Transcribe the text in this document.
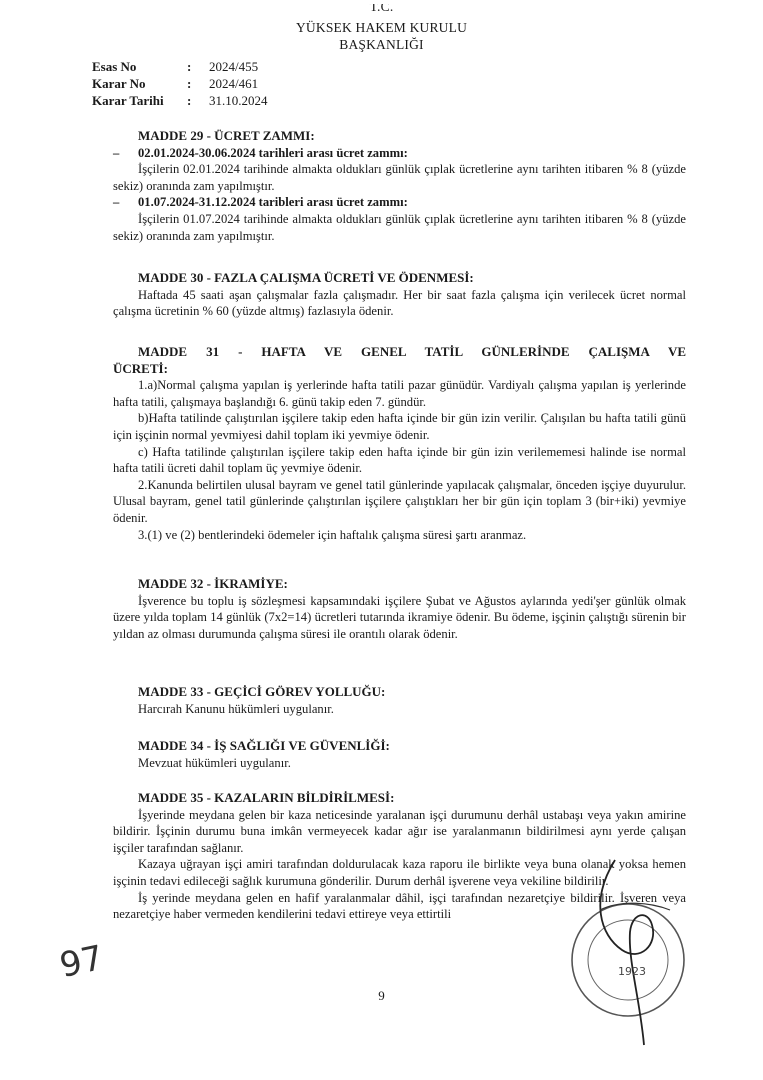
T.C.
YÜKSEK HAKEM KURULU
BAŞKANLIĞI
Esas No	:	2024/455
Karar No	:	2024/461
Karar Tarihi	:	31.10.2024
MADDE 29 - ÜCRET ZAMMI:
– 02.01.2024-30.06.2024 tarihleri arası ücret zammı:
İşçilerin 02.01.2024 tarihinde almakta oldukları günlük çıplak ücretlerine aynı tarihten itibaren % 8 (yüzde sekiz) oranında zam yapılmıştır.
– 01.07.2024-31.12.2024 taribleri arası ücret zammı:
İşçilerin 01.07.2024 tarihinde almakta oldukları günlük çıplak ücretlerine aynı tarihten itibaren % 8 (yüzde sekiz) oranında zam yapılmıştır.
MADDE 30 - FAZLA ÇALIŞMA ÜCRETİ VE ÖDENMESİ:
Haftada 45 saati aşan çalışmalar fazla çalışmadır. Her bir saat fazla çalışma için verilecek ücret normal çalışma ücretinin % 60 (yüzde altmış) fazlasıyla ödenir.
MADDE 31 - HAFTA VE GENEL TATİL GÜNLERİNDE ÇALIŞMA VE
ÜCRETİ:
1.a)Normal çalışma yapılan iş yerlerinde hafta tatili pazar günüdür. Vardiyalı çalışma yapılan iş yerlerinde hafta tatili, çalışmaya başlandığı 6. günü takip eden 7. gündür.
b)Hafta tatilinde çalıştırılan işçilere takip eden hafta içinde bir gün izin verilir. Çalışılan bu hafta tatili günü için işçinin normal yevmiyesi dahil toplam iki yevmiye ödenir.
c) Hafta tatilinde çalıştırılan işçilere takip eden hafta içinde bir gün izin verilememesi halinde ise normal hafta tatili ücreti dahil toplam üç yevmiye ödenir.
2.Kanunda belirtilen ulusal bayram ve genel tatil günlerinde yapılacak çalışmalar, önceden işçiye duyurulur. Ulusal bayram, genel tatil günlerinde çalıştırılan işçilere çalıştıkları her bir gün için toplam 3 (bir+iki) yevmiye ödenir.
3.(1) ve (2) bentlerindeki ödemeler için haftalık çalışma süresi şartı aranmaz.
MADDE 32 - İKRAMİYE:
İşverence bu toplu iş sözleşmesi kapsamındaki işçilere Şubat ve Ağustos aylarında yedi'şer günlük olmak üzere yılda toplam 14 günlük (7x2=14) ücretleri tutarında ikramiye ödenir. Bu ödeme, işçinin çalıştığı sürenin bir yıldan az olması durumunda çalışma süresi ile orantılı olarak ödenir.
MADDE 33 - GEÇİCİ GÖREV YOLLUĞU:
Harcırah Kanunu hükümleri uygulanır.
MADDE 34 - İŞ SAĞLIĞI VE GÜVENLİĞİ:
Mevzuat hükümleri uygulanır.
MADDE 35 - KAZALARIN BİLDİRİLMESİ:
İşyerinde meydana gelen bir kaza neticesinde yaralanan işçi durumunu derhâl ustabaşı veya yakın amirine bildirir. İşçinin durumu buna imkân vermeyecek kadar ağır ise yaralanmanın bildirilmesi aynı yerde çalışan işçiler tarafından sağlanır.
Kazaya uğrayan işçi amiri tarafından doldurulacak kaza raporu ile birlikte veya buna olanak yoksa hemen işçinin tedavi edileceği sağlık kurumuna gönderilir. Durum derhâl işverene veya vekiline bildirilir.
İş yerinde meydana gelen en hafif yaralanmalar dâhil, işçi tarafından nezaretçiye bildirilir. İşveren veya nezaretçiye haber vermeden kendilerini tedavi ettireye veya ettirtili
97	1923
9
